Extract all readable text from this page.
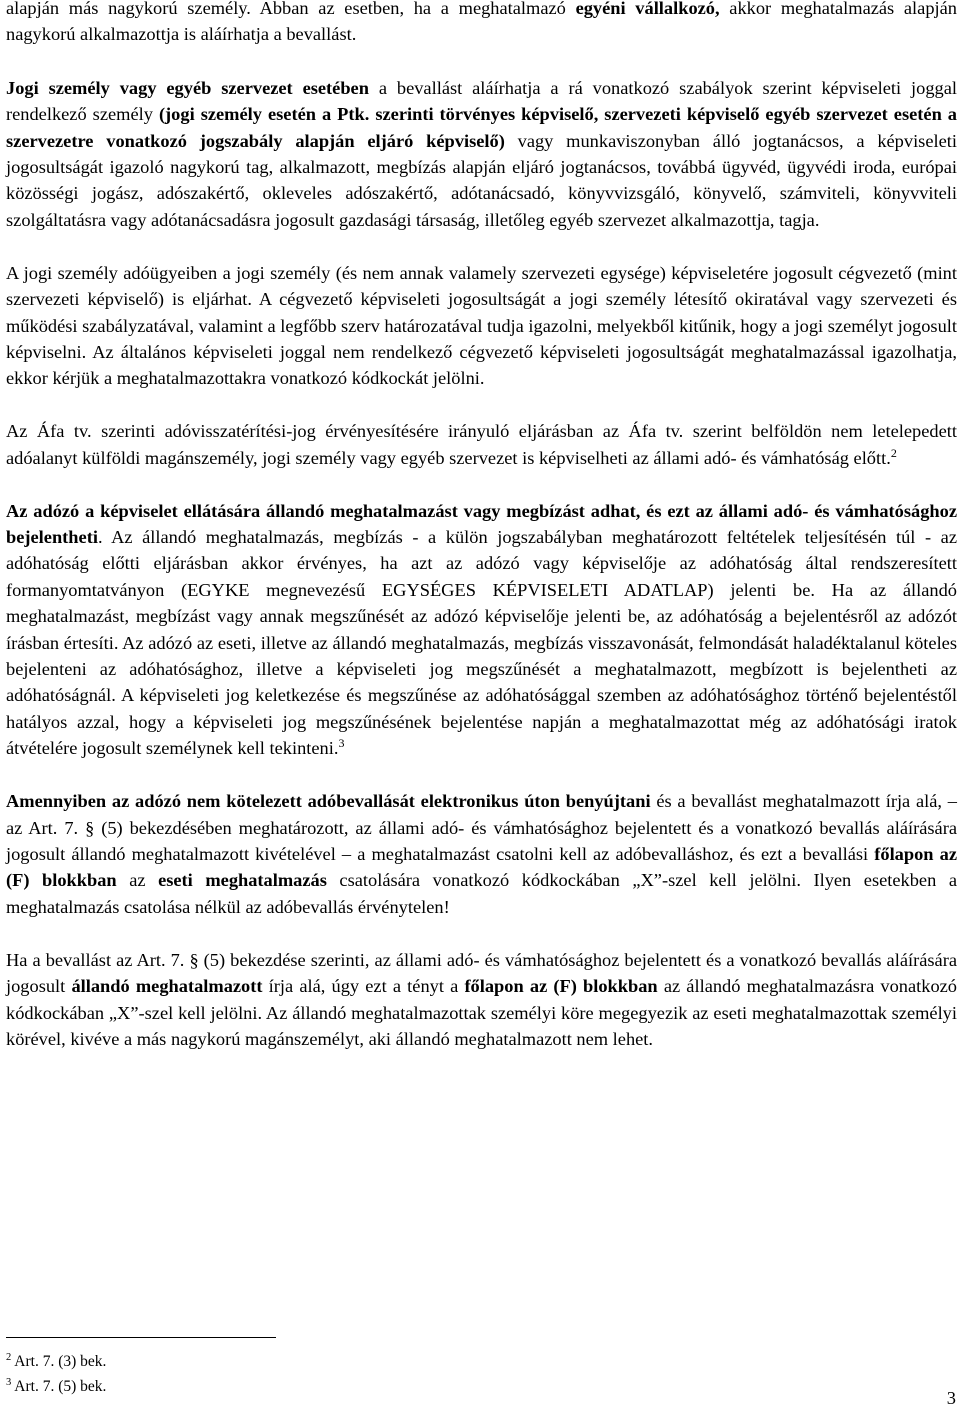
alapján más nagykorú személy. Abban az esetben, ha a meghatalmazó egyéni vállalkozó, akkor meghatalmazás alapján nagykorú alkalmazottja is aláírhatja a bevallást.

Jogi személy vagy egyéb szervezet esetében a bevallást aláírhatja a rá vonatkozó szabályok szerint képviseleti joggal rendelkező személy (jogi személy esetén a Ptk. szerinti törvényes képviselő, szervezeti képviselő egyéb szervezet esetén a szervezetre vonatkozó jogszabály alapján eljáró képviselő) vagy munkaviszonyban álló jogtanácsos, a képviseleti jogosultságát igazoló nagykorú tag, alkalmazott, megbízás alapján eljáró jogtanácsos, továbbá ügyvéd, ügyvédi iroda, európai közösségi jogász, adószakértő, okleveles adószakértő, adótanácsadó, könyvvizsgáló, könyvelő, számviteli, könyvviteli szolgáltatásra vagy adótanácsadásra jogosult gazdasági társaság, illetőleg egyéb szervezet alkalmazottja, tagja.

A jogi személy adóügyeiben a jogi személy (és nem annak valamely szervezeti egysége) képviseletére jogosult cégvezető (mint szervezeti képviselő) is eljárhat. A cégvezető képviseleti jogosultságát a jogi személy létesítő okiratával vagy szervezeti és működési szabályzatával, valamint a legfőbb szerv határozatával tudja igazolni, melyekből kitűnik, hogy a jogi személyt jogosult képviselni. Az általános képviseleti joggal nem rendelkező cégvezető képviseleti jogosultságát meghatalmazással igazolhatja, ekkor kérjük a meghatalmazottakra vonatkozó kódkockát jelölni.

Az Áfa tv. szerinti adóvisszatérítési-jog érvényesítésére irányuló eljárásban az Áfa tv. szerint belföldön nem letelepedett adóalanyt külföldi magánszemély, jogi személy vagy egyéb szervezet is képviselheti az állami adó- és vámhatóság előtt.$^2$

Az adózó a képviselet ellátására állandó meghatalmazást vagy megbízást adhat, és ezt az állami adó- és vámhatósághoz bejelentheti. Az állandó meghatalmazás, megbízás - a külön jogszabályban meghatározott feltételek teljesítésén túl - az adóhatóság előtti eljárásban akkor érvényes, ha azt az adózó vagy képviselője az adóhatóság által rendszeresített formanyomtatványon (EGYKE megnevezésű EGYSÉGES KÉPVISELETI ADATLAP) jelenti be. Ha az állandó meghatalmazást, megbízást vagy annak megszűnését az adózó képviselője jelenti be, az adóhatóság a bejelentésről az adózót írásban értesíti. Az adózó az eseti, illetve az állandó meghatalmazás, megbízás visszavonását, felmondását haladéktalanul köteles bejelenteni az adóhatósághoz, illetve a képviseleti jog megszűnését a meghatalmazott, megbízott is bejelentheti az adóhatóságnál. A képviseleti jog keletkezése és megszűnése az adóhatósággal szemben az adóhatósághoz történő bejelentéstől hatályos azzal, hogy a képviseleti jog megszűnésének bejelentése napján a meghatalmazottat még az adóhatósági iratok átvételére jogosult személynek kell tekinteni.$^3$

Amennyiben az adózó nem kötelezett adóbevallását elektronikus úton benyújtani és a bevallást meghatalmazott írja alá, – az Art. 7. § (5) bekezdésében meghatározott, az állami adó- és vámhatósághoz bejelentett és a vonatkozó bevallás aláírására jogosult állandó meghatalmazott kivételével – a meghatalmazást csatolni kell az adóbevalláshoz, és ezt a bevallási főlapon az (F) blokkban az eseti meghatalmazás csatolására vonatkozó kódkockában „X”-szel kell jelölni. Ilyen esetekben a meghatalmazás csatolása nélkül az adóbevallás érvénytelen!

Ha a bevallást az Art. 7. § (5) bekezdése szerinti, az állami adó- és vámhatósághoz bejelentett és a vonatkozó bevallás aláírására jogosult állandó meghatalmazott írja alá, úgy ezt a tényt a főlapon az (F) blokkban az állandó meghatalmazásra vonatkozó kódkockában „X”-szel kell jelölni. Az állandó meghatalmazottak személyi köre megegyezik az eseti meghatalmazottak személyi körével, kivéve a más nagykorú magánszemélyt, aki állandó meghatalmazott nem lehet.

$^2$ Art. 7. (3) bek.

$^3$ Art. 7. (5) bek.

3
